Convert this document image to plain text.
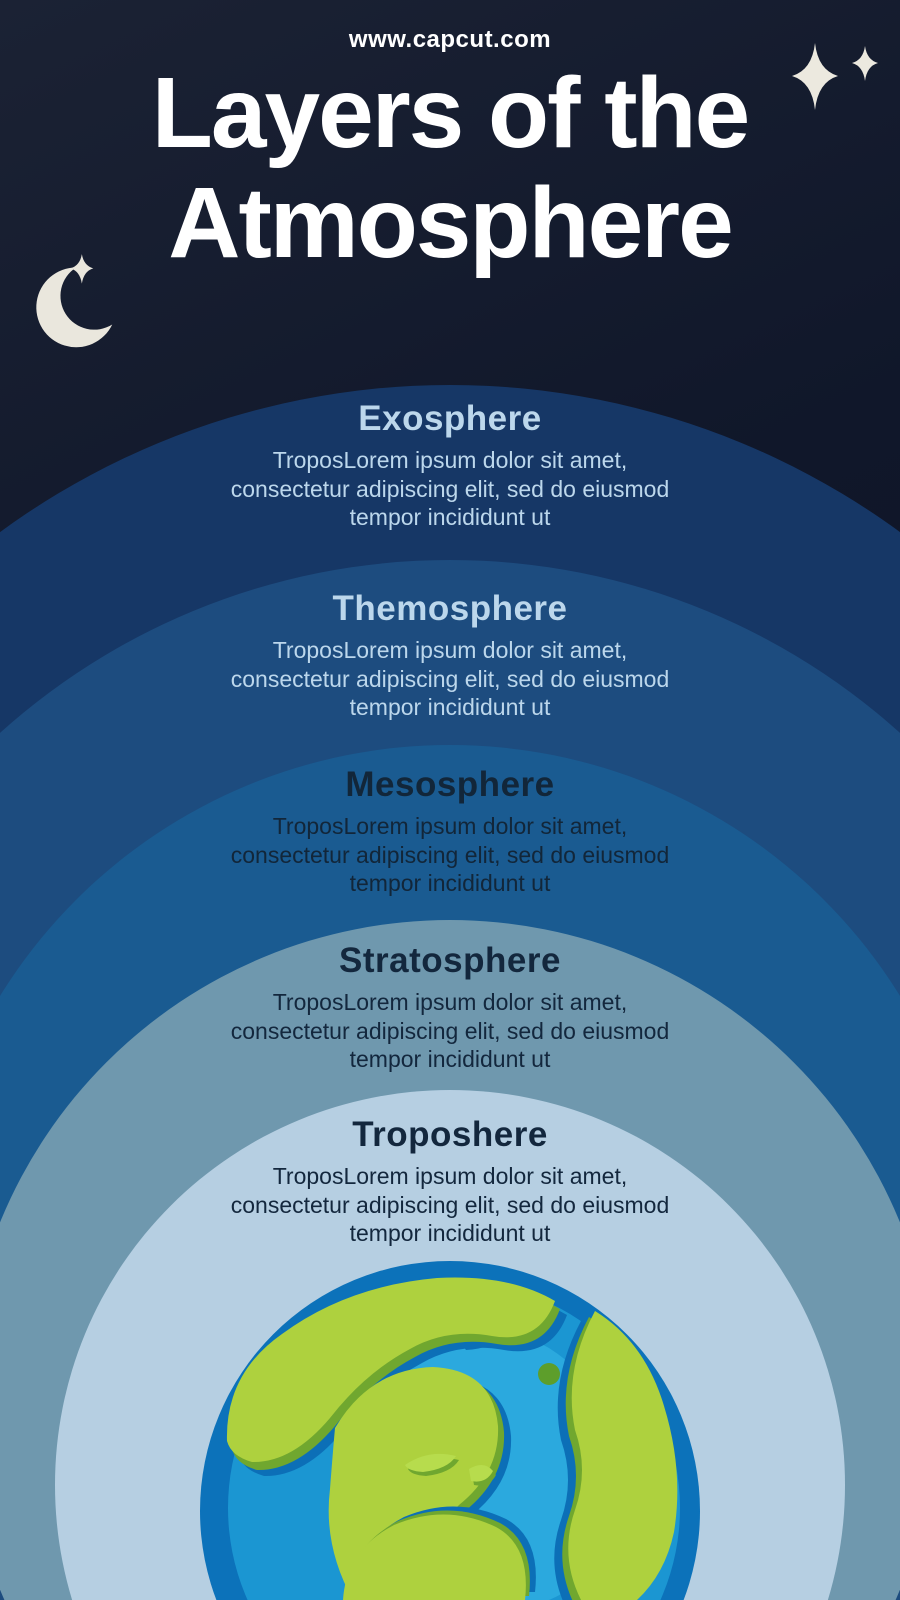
www.capcut.com
Layers of the
Atmosphere
Exosphere

TroposLorem ipsum dolor sit amet, consectetur adipiscing elit, sed do eiusmod tempor incididunt ut

Themosphere

TroposLorem ipsum dolor sit amet, consectetur adipiscing elit, sed do eiusmod tempor incididunt ut

Mesosphere

TroposLorem ipsum dolor sit amet, consectetur adipiscing elit, sed do eiusmod tempor incididunt ut

Stratosphere

TroposLorem ipsum dolor sit amet, consectetur adipiscing elit, sed do eiusmod tempor incididunt ut

Troposhere

TroposLorem ipsum dolor sit amet, consectetur adipiscing elit, sed do eiusmod tempor incididunt ut
